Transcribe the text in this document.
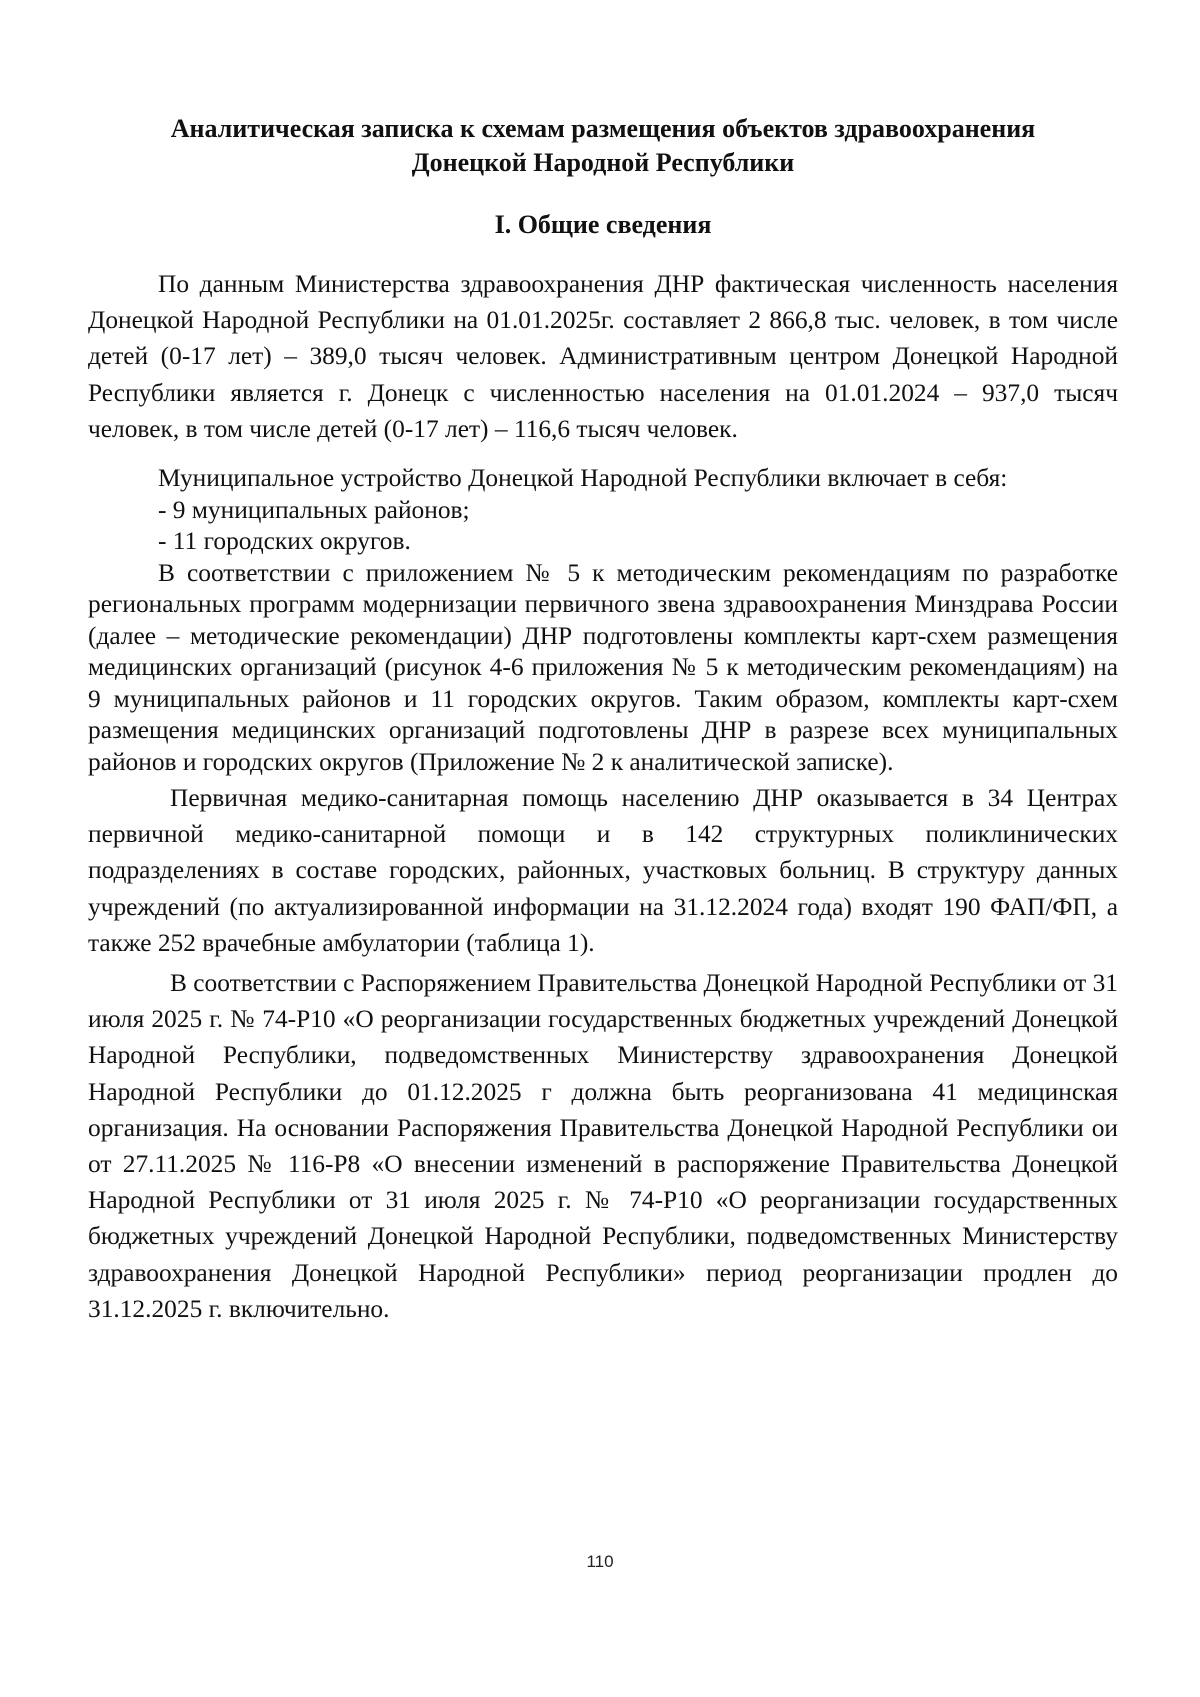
Аналитическая записка к схемам размещения объектов здравоохранения
Донецкой Народной Республики

I. Общие сведения

По данным Министерства здравоохранения ДНР фактическая численность населения Донецкой Народной Республики на 01.01.2025г. составляет 2 866,8 тыс. человек, в том числе детей (0-17 лет) – 389,0 тысяч человек. Административным центром Донецкой Народной Республики является г. Донецк с численностью населения на 01.01.2024 – 937,0 тысяч человек, в том числе детей (0-17 лет) – 116,6 тысяч человек.

Муниципальное устройство Донецкой Народной Республики включает в себя:

- 9 муниципальных районов;

- 11 городских округов.

В соответствии с приложением № 5 к методическим рекомендациям по разработке региональных программ модернизации первичного звена здравоохранения Минздрава России (далее – методические рекомендации) ДНР подготовлены комплекты карт-схем размещения медицинских организаций (рисунок 4-6 приложения № 5 к методическим рекомендациям) на 9 муниципальных районов и 11 городских округов. Таким образом, комплекты карт-схем размещения медицинских организаций подготовлены ДНР в разрезе всех муниципальных районов и городских округов (Приложение № 2 к аналитической записке).

Первичная медико-санитарная помощь населению ДНР оказывается в 34 Центрах первичной медико-санитарной помощи и в 142 структурных поликлинических подразделениях в составе городских, районных, участковых больниц. В структуру данных учреждений (по актуализированной информации на 31.12.2024 года) входят 190 ФАП/ФП, а также 252 врачебные амбулатории (таблица 1).

В соответствии с Распоряжением Правительства Донецкой Народной Республики от 31 июля 2025 г. № 74-Р10 «О реорганизации государственных бюджетных учреждений Донецкой Народной Республики, подведомственных Министерству здравоохранения Донецкой Народной Республики до 01.12.2025 г должна быть реорганизована 41 медицинская организация. На основании Распоряжения Правительства Донецкой Народной Республики ои от 27.11.2025 № 116-Р8 «О внесении изменений в распоряжение Правительства Донецкой Народной Республики от 31 июля 2025 г. № 74-Р10 «О реорганизации государственных бюджетных учреждений Донецкой Народной Республики, подведомственных Министерству здравоохранения Донецкой Народной Республики» период реорганизации продлен до 31.12.2025 г. включительно.

110
